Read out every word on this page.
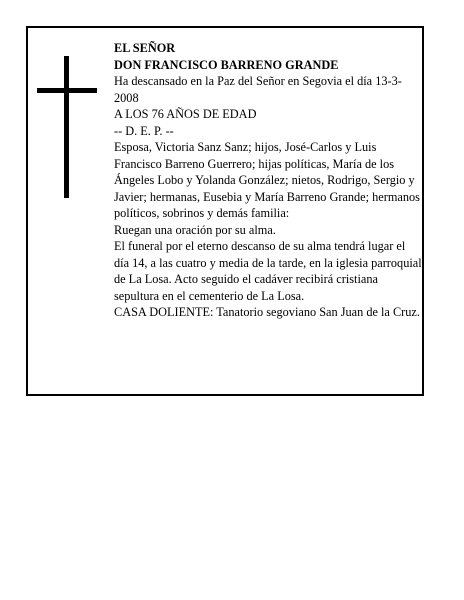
EL SEÑOR

DON FRANCISCO BARRENO GRANDE

Ha descansado en la Paz del Señor en Segovia el día 13-3-2008

A LOS 76 AÑOS DE EDAD

-- D. E. P. --

Esposa, Victoria Sanz Sanz; hijos, José-Carlos y Luis Francisco Barreno Guerrero; hijas políticas, María de los Ángeles Lobo y Yolanda González; nietos, Rodrigo, Sergio y Javier; hermanas, Eusebia y María Barreno Grande; hermanos políticos, sobrinos y demás familia:

Ruegan una oración por su alma.

El funeral por el eterno descanso de su alma tendrá lugar el día 14, a las cuatro y media de la tarde, en la iglesia parroquial de La Losa. Acto seguido el cadáver recibirá cristiana sepultura en el cementerio de La Losa.

CASA DOLIENTE: Tanatorio segoviano San Juan de la Cruz.
